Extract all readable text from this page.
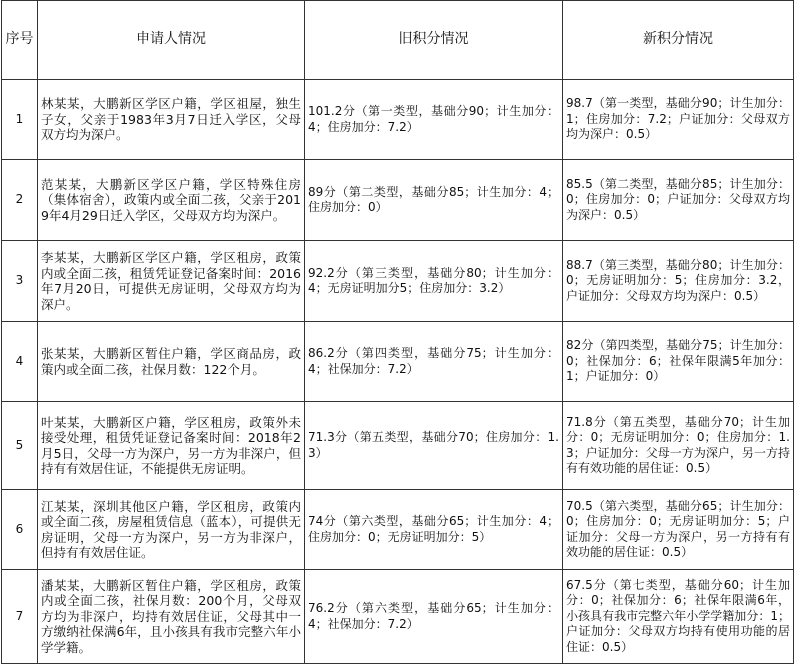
序号	申请人情况	旧积分情况	新积分情况
1	林某某，大鹏新区学区户籍，学区祖屋，独生子女，父亲于1983年3月7日迁入学区，父母双方均为深户。	101.2分（第一类型，基础分90；计生加分：4；住房加分：7.2）	98.7（第一类型，基础分90；计生加分：1；住房加分：7.2；户证加分：父母双方均为深户：0.5）
2	范某某，大鹏新区学区户籍，学区特殊住房（集体宿舍），政策内或全面二孩，父亲于2019年4月29日迁入学区，父母双方均为深户。	89分（第二类型，基础分85；计生加分：4；住房加分：0）	85.5（第二类型，基础分85；计生加分：0；住房加分：0；户证加分：父母双方均为深户：0.5）
3	李某某，大鹏新区学区户籍，学区租房，政策内或全面二孩，租赁凭证登记备案时间：2016年7月20日，可提供无房证明，父母双方均为深户。	92.2分（第三类型，基础分80；计生加分：4；无房证明加分5；住房加分：3.2）	88.7（第三类型，基础分80；计生加分：0；无房证明加分：5；住房加分：3.2，户证加分：父母双方均为深户：0.5）
4	张某某，大鹏新区暂住户籍，学区商品房，政策内或全面二孩，社保月数：122个月。	86.2分（第四类型，基础分75；计生加分：4；社保加分：7.2）	82分（第四类型，基础分75；计生加分：0；社保加分：6；社保年限满5年加分：1；户证加分：0）
5	叶某某，大鹏新区户籍，学区租房，政策外未接受处理，租赁凭证登记备案时间：2018年2月5日，父母一方为深户，另一方为非深户，但持有有效居住证，不能提供无房证明。	71.3分（第五类型，基础分70；住房加分：1.3）	71.8分（第五类型，基础分70；计生加分：0；无房证明加分：0；住房加分：1.3；户证加分：父母一方为深户，另一方持有有效功能的居住证：0.5）
6	江某某，深圳其他区户籍，学区租房，政策内或全面二孩，房屋租赁信息（蓝本），可提供无房证明，父母一方为深户，另一方为非深户，但持有有效居住证。	74分（第六类型，基础分65；计生加分：4；住房加分：0；无房证明加分：5）	70.5（第六类型，基础分65；计生加分：0；住房加分：0；无房证明加分：5；户证加分：父母一方为深户，另一方持有有效功能的居住证：0.5）
7	潘某某，大鹏新区暂住户籍，学区租房，政策内或全面二孩，社保月数：200个月，父母双方均为非深户，均持有效居住证，父母其中一方缴纳社保满6年，且小孩具有我市完整六年小学学籍。	76.2分（第六类型，基础分65；计生加分：4；社保加分：7.2）	67.5分（第七类型，基础分60；计生加分：0；社保加分：6；社保年限满6年，小孩具有我市完整六年小学学籍加分：1；户证加分：父母双方均持有使用功能的居住证：0.5）
